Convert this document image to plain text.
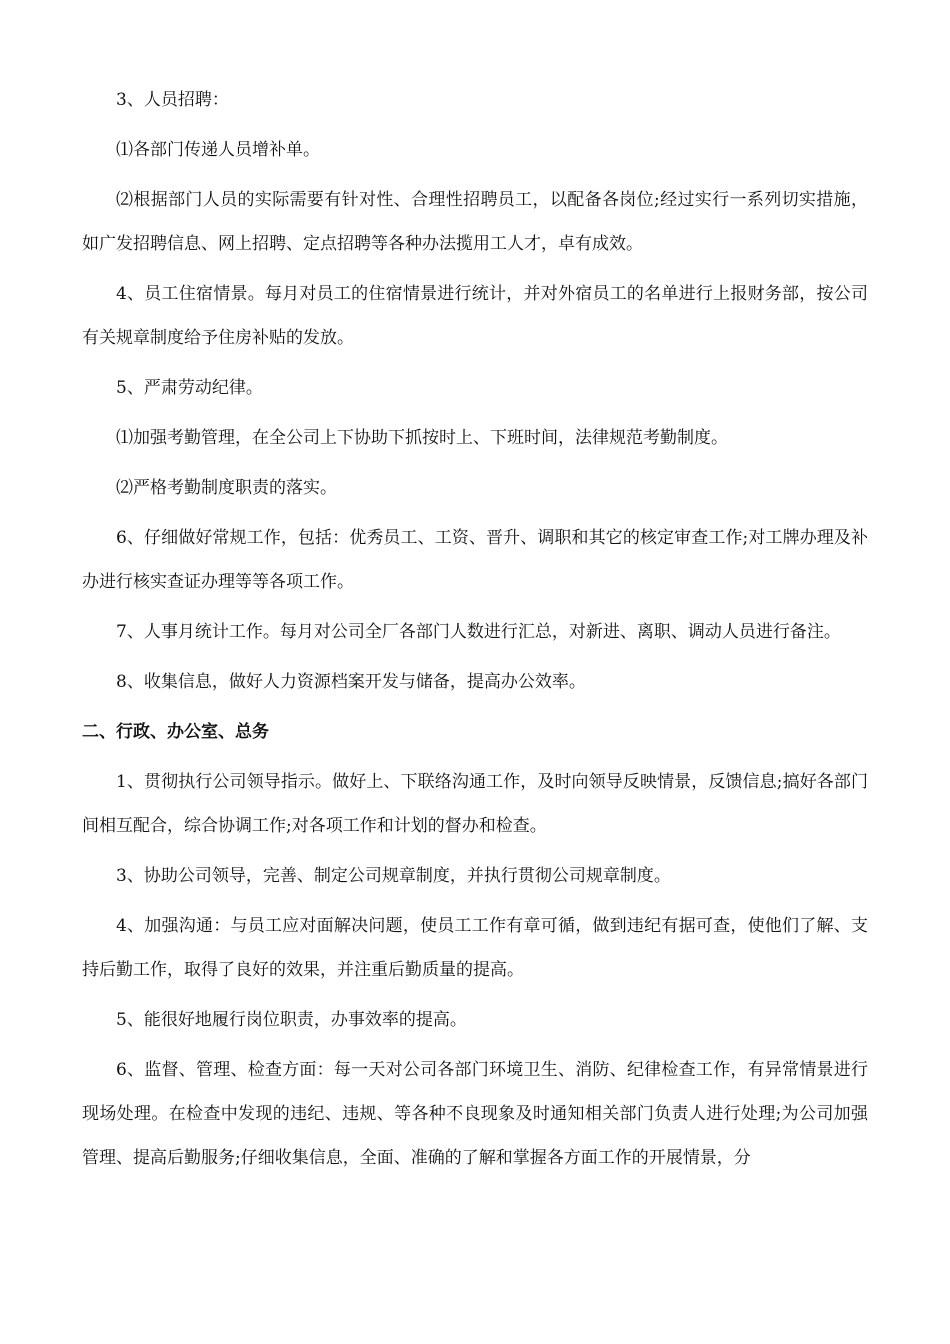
3、人员招聘：

⑴各部门传递人员增补单。

⑵根据部门人员的实际需要有针对性、合理性招聘员工，以配备各岗位;经过实行一系列切实措施，如广发招聘信息、网上招聘、定点招聘等各种办法揽用工人才，卓有成效。

4、员工住宿情景。每月对员工的住宿情景进行统计，并对外宿员工的名单进行上报财务部，按公司有关规章制度给予住房补贴的发放。

5、严肃劳动纪律。

⑴加强考勤管理，在全公司上下协助下抓按时上、下班时间，法律规范考勤制度。

⑵严格考勤制度职责的落实。

6、仔细做好常规工作，包括：优秀员工、工资、晋升、调职和其它的核定审查工作;对工牌办理及补办进行核实查证办理等等各项工作。

7、人事月统计工作。每月对公司全厂各部门人数进行汇总，对新进、离职、调动人员进行备注。

8、收集信息，做好人力资源档案开发与储备，提高办公效率。

二、行政、办公室、总务

1、贯彻执行公司领导指示。做好上、下联络沟通工作，及时向领导反映情景，反馈信息;搞好各部门间相互配合，综合协调工作;对各项工作和计划的督办和检查。

3、协助公司领导，完善、制定公司规章制度，并执行贯彻公司规章制度。

4、加强沟通：与员工应对面解决问题，使员工工作有章可循，做到违纪有据可查，使他们了解、支持后勤工作，取得了良好的效果，并注重后勤质量的提高。

5、能很好地履行岗位职责，办事效率的提高。

6、监督、管理、检查方面：每一天对公司各部门环境卫生、消防、纪律检查工作，有异常情景进行现场处理。在检查中发现的违纪、违规、等各种不良现象及时通知相关部门负责人进行处理;为公司加强管理、提高后勤服务;仔细收集信息，全面、准确的了解和掌握各方面工作的开展情景，分
